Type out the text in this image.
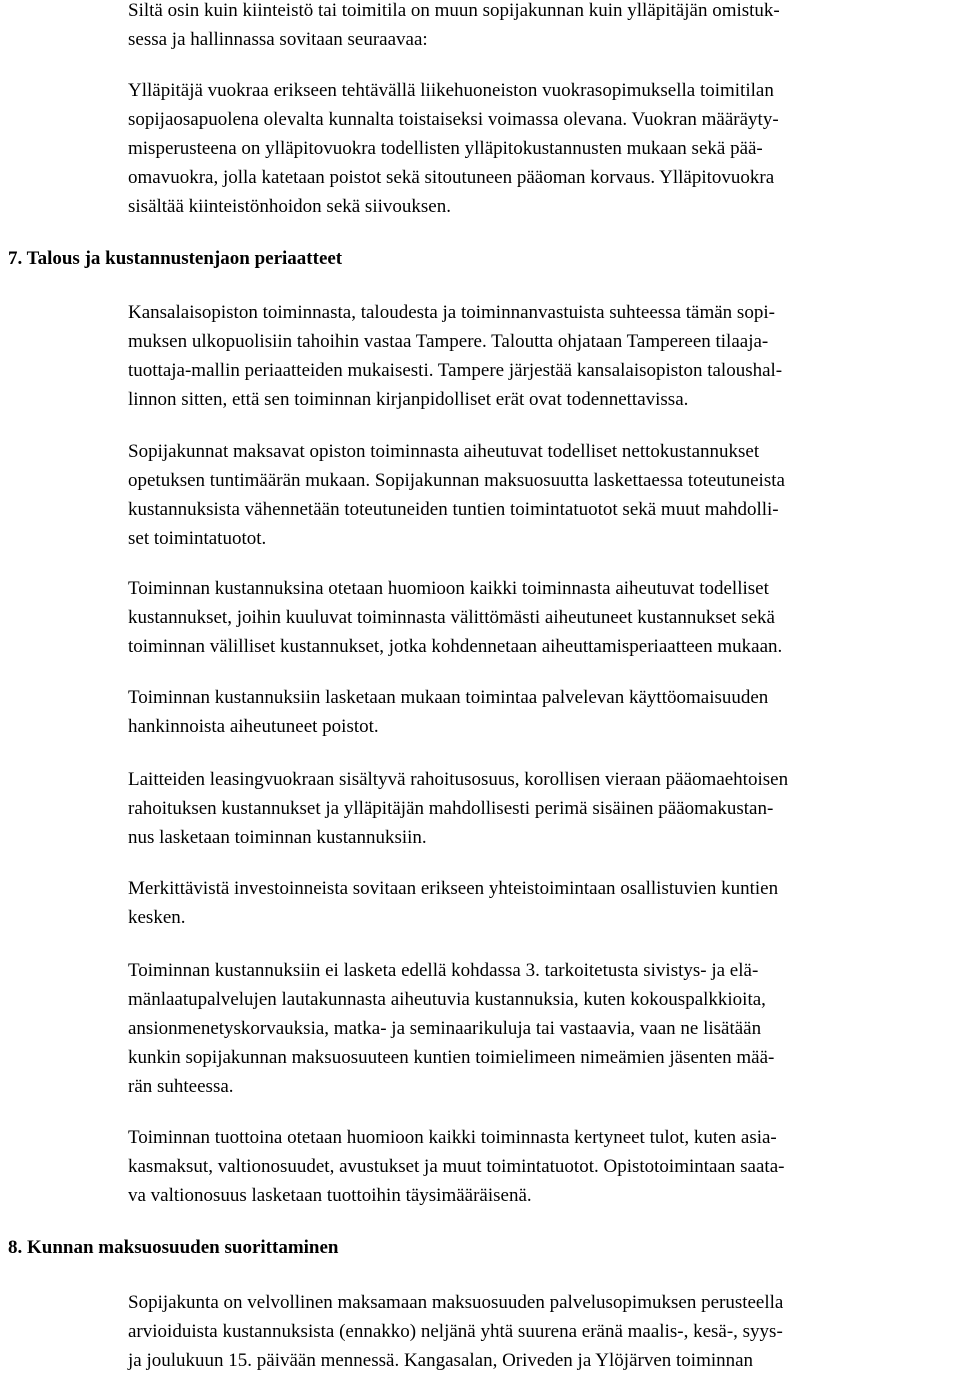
Siltä osin kuin kiinteistö tai toimitila on muun sopijakunnan kuin ylläpitäjän omistuk-
sessa ja hallinnassa sovitaan seuraavaa:

Ylläpitäjä vuokraa erikseen tehtävällä liikehuoneiston vuokrasopimuksella toimitilan
sopijaosapuolena olevalta kunnalta toistaiseksi voimassa olevana. Vuokran määräyty-
misperusteena on ylläpitovuokra todellisten ylläpitokustannusten mukaan sekä pää-
omavuokra, jolla katetaan poistot sekä sitoutuneen pääoman korvaus. Ylläpitovuokra
sisältää kiinteistönhoidon sekä siivouksen.

7. Talous ja kustannustenjaon periaatteet

Kansalaisopiston toiminnasta, taloudesta ja toiminnanvastuista suhteessa tämän sopi-
muksen ulkopuolisiin tahoihin vastaa Tampere. Taloutta ohjataan Tampereen tilaaja-
tuottaja-mallin periaatteiden mukaisesti. Tampere järjestää kansalaisopiston taloushal-
linnon sitten, että sen toiminnan kirjanpidolliset erät ovat todennettavissa.

Sopijakunnat maksavat opiston toiminnasta aiheutuvat todelliset nettokustannukset
opetuksen tuntimäärän mukaan. Sopijakunnan maksuosuutta laskettaessa toteutuneista
kustannuksista vähennetään toteutuneiden tuntien toimintatuotot sekä muut mahdolli-
set toimintatuotot.

Toiminnan kustannuksina otetaan huomioon kaikki toiminnasta aiheutuvat todelliset
kustannukset, joihin kuuluvat toiminnasta välittömästi aiheutuneet kustannukset sekä
toiminnan välilliset kustannukset, jotka kohdennetaan aiheuttamisperiaatteen mukaan.

Toiminnan kustannuksiin lasketaan mukaan toimintaa palvelevan käyttöomaisuuden
hankinnoista aiheutuneet poistot.

Laitteiden leasingvuokraan sisältyvä rahoitusosuus, korollisen vieraan pääomaehtoisen
rahoituksen kustannukset ja ylläpitäjän mahdollisesti perimä sisäinen pääomakustan-
nus lasketaan toiminnan kustannuksiin.

Merkittävistä investoinneista sovitaan erikseen yhteistoimintaan osallistuvien kuntien
kesken.

Toiminnan kustannuksiin ei lasketa edellä kohdassa 3. tarkoitetusta sivistys- ja elä-
mänlaatupalvelujen lautakunnasta aiheutuvia kustannuksia, kuten kokouspalkkioita,
ansionmenetyskorvauksia, matka- ja seminaarikuluja tai vastaavia, vaan ne lisätään
kunkin sopijakunnan maksuosuuteen kuntien toimielimeen nimeämien jäsenten mää-
rän suhteessa.

Toiminnan tuottoina otetaan huomioon kaikki toiminnasta kertyneet tulot, kuten asia-
kasmaksut, valtionosuudet, avustukset ja muut toimintatuotot. Opistotoimintaan saata-
va valtionosuus lasketaan tuottoihin täysimääräisenä.

8. Kunnan maksuosuuden suorittaminen

Sopijakunta on velvollinen maksamaan maksuosuuden palvelusopimuksen perusteella
arvioiduista kustannuksista (ennakko) neljänä yhtä suurena eränä maalis-, kesä-, syys-
ja joulukuun 15. päivään mennessä. Kangasalan, Oriveden ja Ylöjärven toiminnan
